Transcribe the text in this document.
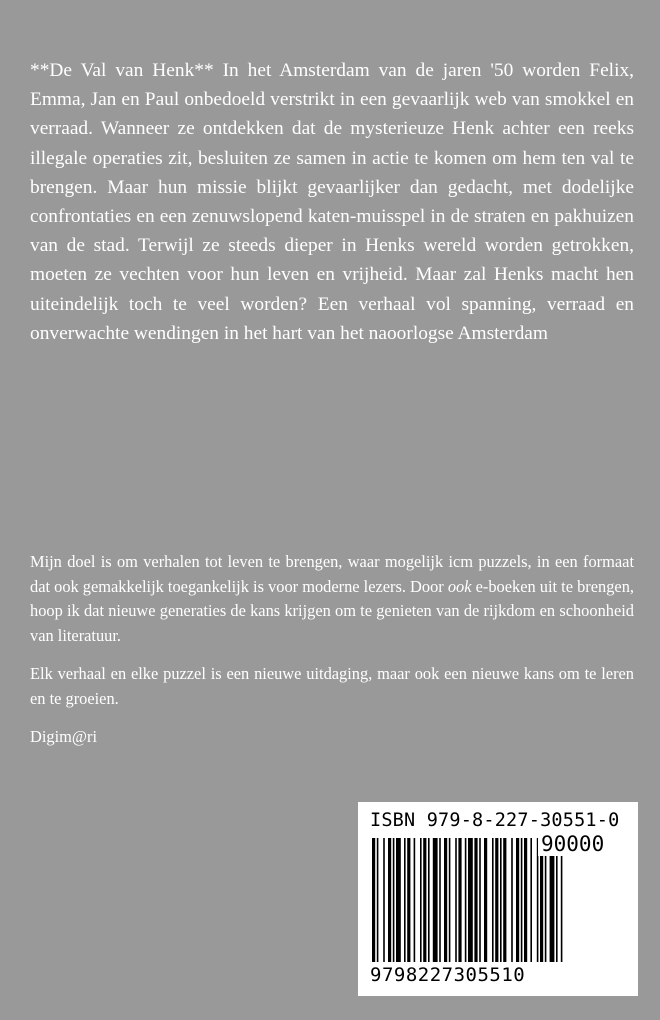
**De Val van Henk** In het Amsterdam van de jaren '50 worden Felix, Emma, Jan en Paul onbedoeld verstrikt in een gevaarlijk web van smokkel en verraad. Wanneer ze ontdekken dat de mysterieuze Henk achter een reeks illegale operaties zit, besluiten ze samen in actie te komen om hem ten val te brengen. Maar hun missie blijkt gevaarlijker dan gedacht, met dodelijke confrontaties en een zenuwslopend katen-muisspel in de straten en pakhuizen van de stad. Terwijl ze steeds dieper in Henks wereld worden getrokken, moeten ze vechten voor hun leven en vrijheid. Maar zal Henks macht hen uiteindelijk toch te veel worden? Een verhaal vol spanning, verraad en onverwachte wendingen in het hart van het naoorlogse Amsterdam

Mijn doel is om verhalen tot leven te brengen, waar mogelijk icm puzzels, in een formaat dat ook gemakkelijk toegankelijk is voor moderne lezers. Door ook e-boeken uit te brengen, hoop ik dat nieuwe generaties de kans krijgen om te genieten van de rijkdom en schoonheid van literatuur.

Elk verhaal en elke puzzel is een nieuwe uitdaging, maar ook een nieuwe kans om te leren en te groeien.

Digim@ri

ISBN 979-8-227-30551-0
90000
9798227305510
